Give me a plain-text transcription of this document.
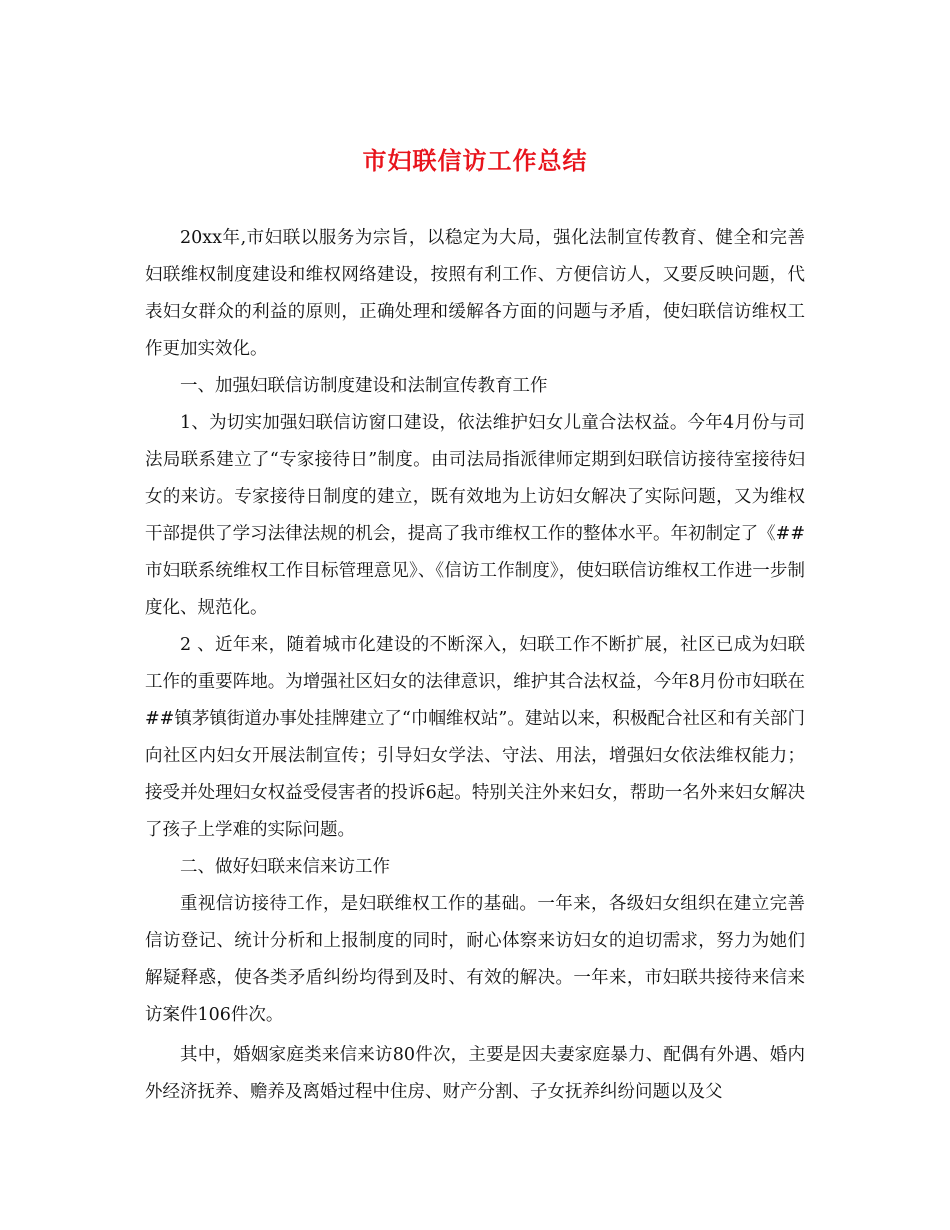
市妇联信访工作总结

20xx年,市妇联以服务为宗旨，以稳定为大局，强化法制宣传教育、健全和完善妇联维权制度建设和维权网络建设，按照有利工作、方便信访人，又要反映问题，代表妇女群众的利益的原则，正确处理和缓解各方面的问题与矛盾，使妇联信访维权工作更加实效化。

一、加强妇联信访制度建设和法制宣传教育工作

1、为切实加强妇联信访窗口建设，依法维护妇女儿童合法权益。今年4月份与司法局联系建立了“专家接待日”制度。由司法局指派律师定期到妇联信访接待室接待妇女的来访。专家接待日制度的建立，既有效地为上访妇女解决了实际问题，又为维权干部提供了学习法律法规的机会，提高了我市维权工作的整体水平。年初制定了《##市妇联系统维权工作目标管理意见》、《信访工作制度》，使妇联信访维权工作进一步制度化、规范化。

2 、近年来，随着城市化建设的不断深入，妇联工作不断扩展，社区已成为妇联工作的重要阵地。为增强社区妇女的法律意识，维护其合法权益，今年8月份市妇联在##镇茅镇街道办事处挂牌建立了“巾帼维权站”。建站以来，积极配合社区和有关部门向社区内妇女开展法制宣传；引导妇女学法、守法、用法，增强妇女依法维权能力；接受并处理妇女权益受侵害者的投诉6起。特别关注外来妇女，帮助一名外来妇女解决了孩子上学难的实际问题。

二、做好妇联来信来访工作

重视信访接待工作，是妇联维权工作的基础。一年来，各级妇女组织在建立完善信访登记、统计分析和上报制度的同时，耐心体察来访妇女的迫切需求，努力为她们解疑释惑，使各类矛盾纠纷均得到及时、有效的解决。一年来，市妇联共接待来信来访案件106件次。

其中，婚姻家庭类来信来访80件次，主要是因夫妻家庭暴力、配偶有外遇、婚内外经济抚养、赡养及离婚过程中住房、财产分割、子女抚养纠纷问题以及父
